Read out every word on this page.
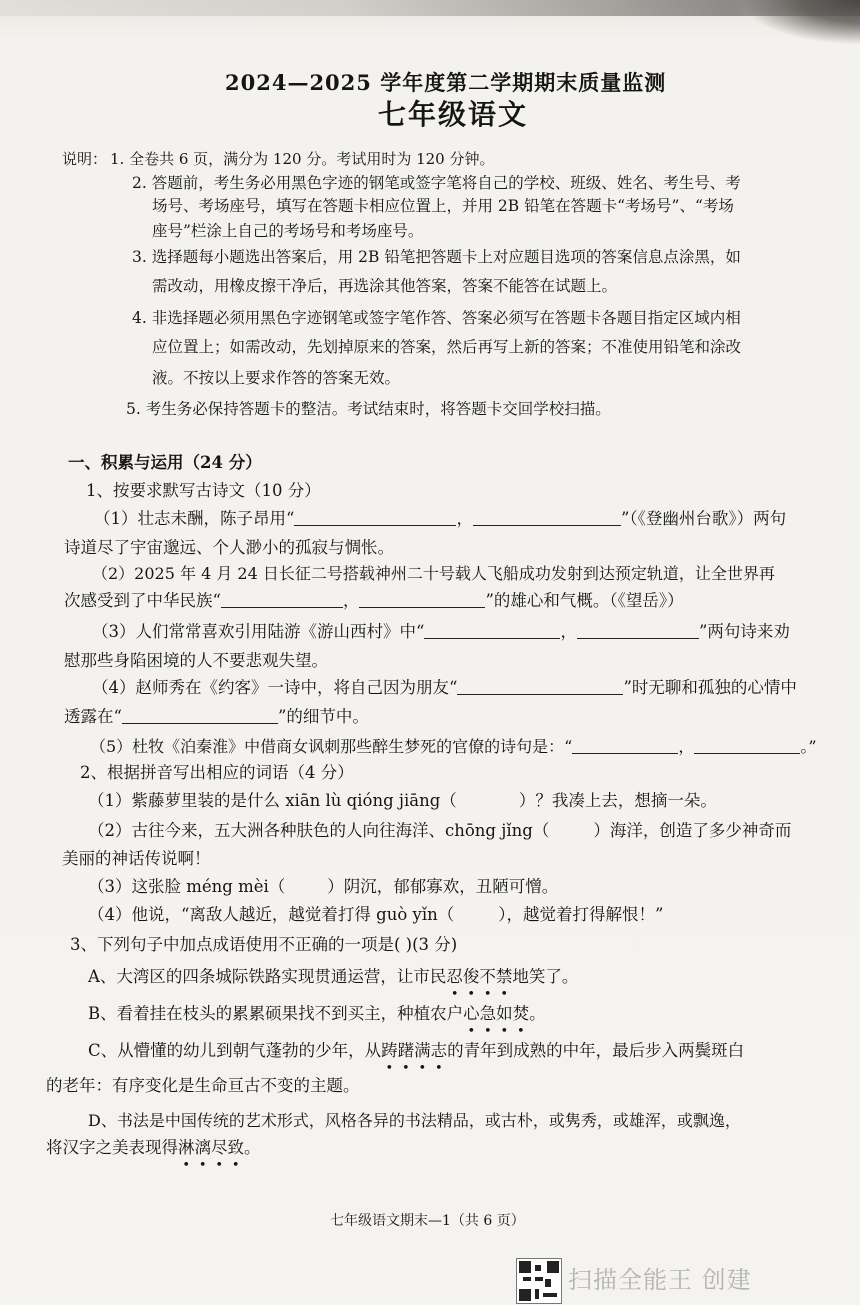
2024—2025 学年度第二学期期末质量监测
七年级语文
说明： 1. 全卷共 6 页，满分为 120 分。考试用时为 120 分钟。
2. 答题前，考生务必用黑色字迹的钢笔或签字笔将自己的学校、班级、姓名、考生号、考
场号、考场座号，填写在答题卡相应位置上，并用 2B 铅笔在答题卡“考场号”、“考场
座号”栏涂上自己的考场号和考场座号。
3. 选择题每小题选出答案后，用 2B 铅笔把答题卡上对应题目选项的答案信息点涂黑，如
需改动，用橡皮擦干净后，再选涂其他答案，答案不能答在试题上。
4. 非选择题必须用黑色字迹钢笔或签字笔作答、答案必须写在答题卡各题目指定区域内相
应位置上；如需改动，先划掉原来的答案，然后再写上新的答案；不准使用铅笔和涂改
液。不按以上要求作答的答案无效。
5. 考生务必保持答题卡的整洁。考试结束时，将答题卡交回学校扫描。
一、积累与运用（24 分）
1、按要求默写古诗文（10 分）
（1）壮志未酬，陈子昂用“	，	”（《登幽州台歌》）两句
诗道尽了宇宙邈远、个人渺小的孤寂与惆怅。
（2）2025 年 4 月 24 日长征二号搭载神州二十号载人飞船成功发射到达预定轨道，让全世界再
次感受到了中华民族“	，	”的雄心和气概。（《望岳》）
（3）人们常常喜欢引用陆游《游山西村》中“	，	”两句诗来劝
慰那些身陷困境的人不要悲观失望。
（4）赵师秀在《约客》一诗中，将自己因为朋友“	”时无聊和孤独的心情中
透露在“	”的细节中。
（5）杜牧《泊秦淮》中借商女讽刺那些醉生梦死的官僚的诗句是：“	，	。”
2、根据拼音写出相应的词语（4 分）
（1）紫藤萝里装的是什么 xiān lù qióng jiāng（	）？我凑上去，想摘一朵。
（2）古往今来，五大洲各种肤色的人向往海洋、chōng jǐng（	）海洋，创造了多少神奇而
美丽的神话传说啊！
（3）这张脸 méng mèi（	）阴沉，郁郁寡欢，丑陋可憎。
（4）他说，“离敌人越近，越觉着打得 guò yǐn（	），越觉着打得解恨！”
3、下列句子中加点成语使用不正确的一项是( )(3 分)
A、大湾区的四条城际铁路实现贯通运营，让市民忍俊不禁地笑了。
B、看着挂在枝头的累累硕果找不到买主，种植农户心急如焚。
C、从懵懂的幼儿到朝气蓬勃的少年，从踌躇满志的青年到成熟的中年，最后步入两鬓斑白
的老年：有序变化是生命亘古不变的主题。
D、书法是中国传统的艺术形式，风格各异的书法精品，或古朴，或隽秀，或雄浑，或飘逸，
将汉字之美表现得淋漓尽致。
七年级语文期末—1（共 6 页）
扫描全能王 创建
